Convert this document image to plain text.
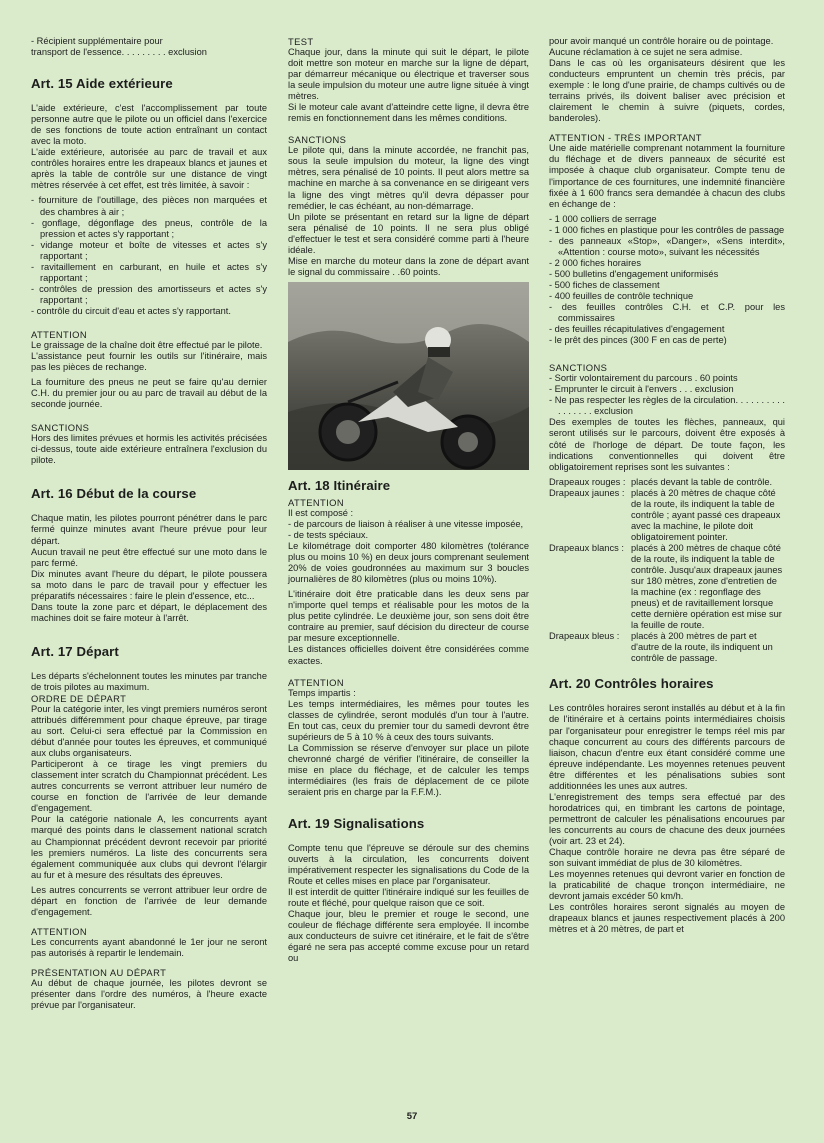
- Récipient supplémentaire pour
transport de l'essence. . . . . . . . . exclusion

Art. 15 Aide extérieure

L'aide extérieure, c'est l'accomplissement par toute personne autre que le pilote ou un officiel dans l'exercice de ses fonctions de toute action entraînant un contact avec la moto.

L'aide extérieure, autorisée au parc de travail et aux contrôles horaires entre les drapeaux blancs et jaunes et après la table de contrôle sur une distance de vingt mètres réservée à cet effet, est très limitée, à savoir :

- fourniture de l'outillage, des pièces non marquées et des chambres à air ;
- gonflage, dégonflage des pneus, contrôle de la pression et actes s'y rapportant ;
- vidange moteur et boîte de vitesses et actes s'y rapportant ;
- ravitaillement en carburant, en huile et actes s'y rapportant ;
- contrôles de pression des amortisseurs et actes s'y rapportant ;
- contrôle du circuit d'eau et actes s'y rapportant.
ATTENTION

Le graissage de la chaîne doit être effectué par le pilote.
L'assistance peut fournir les outils sur l'itinéraire, mais pas les pièces de rechange.

La fourniture des pneus ne peut se faire qu'au dernier C.H. du premier jour ou au parc de travail au début de la seconde journée.

SANCTIONS

Hors des limites prévues et hormis les activités précisées ci-dessus, toute aide extérieure entraînera l'exclusion du pilote.

Art. 16 Début de la course

Chaque matin, les pilotes pourront pénétrer dans le parc fermé quinze minutes avant l'heure prévue pour leur départ.
Aucun travail ne peut être effectué sur une moto dans le parc fermé.
Dix minutes avant l'heure du départ, le pilote poussera sa moto dans le parc de travail pour y effectuer les préparatifs nécessaires : faire le plein d'essence, etc...
Dans toute la zone parc et départ, le déplacement des machines doit se faire moteur à l'arrêt.

Art. 17 Départ

Les départs s'échelonnent toutes les minutes par tranche de trois pilotes au maximum.

ORDRE DE DÉPART

Pour la catégorie inter, les vingt premiers numéros seront attribués différemment pour chaque épreuve, par tirage au sort. Celui-ci sera effectué par la Commission en début d'année pour toutes les épreuves, et communiqué aux clubs organisateurs.
Participeront à ce tirage les vingt premiers du classement inter scratch du Championnat précédent. Les autres concurrents se verront attribuer leur numéro de course en fonction de l'arrivée de leur demande d'engagement.
Pour la catégorie nationale A, les concurrents ayant marqué des points dans le classement national scratch au Championnat précédent devront recevoir par priorité les premiers numéros. La liste des concurrents sera également communiquée aux clubs qui devront l'élargir au fur et à mesure des résultats des épreuves.

Les autres concurrents se verront attribuer leur ordre de départ en fonction de l'arrivée de leur demande d'engagement.

ATTENTION

Les concurrents ayant abandonné le 1er jour ne seront pas autorisés à repartir le lendemain.

PRÉSENTATION AU DÉPART

Au début de chaque journée, les pilotes devront se présenter dans l'ordre des numéros, à l'heure exacte prévue par l'organisateur.

TEST

Chaque jour, dans la minute qui suit le départ, le pilote doit mettre son moteur en marche sur la ligne de départ, par démarreur mécanique ou électrique et traverser sous la seule impulsion du moteur une autre ligne située à vingt mètres.
Si le moteur cale avant d'atteindre cette ligne, il devra être remis en fonctionnement dans les mêmes conditions.

SANCTIONS

Le pilote qui, dans la minute accordée, ne franchit pas, sous la seule impulsion du moteur, la ligne des vingt mètres, sera pénalisé de 10 points. Il peut alors mettre sa machine en marche à sa convenance en se dirigeant vers la ligne des vingt mètres qu'il devra dépasser pour remédier, le cas échéant, au non-démarrage.
Un pilote se présentant en retard sur la ligne de départ sera pénalisé de 10 points. Il ne sera plus obligé d'effectuer le test et sera considéré comme parti à l'heure idéale.
Mise en marche du moteur dans la zone de départ avant le signal du commissaire . .60 points.

Art. 18 Itinéraire
ATTENTION

Il est composé :

- de parcours de liaison à réaliser à une vitesse imposée,
- de tests spéciaux.

Le kilométrage doit comporter 480 kilomètres (tolérance plus ou moins 10 %) en deux jours comprenant seulement 20% de voies goudronnées au maximum sur 3 boucles journalières de 80 kilomètres (plus ou moins 10%).

L'itinéraire doit être praticable dans les deux sens par n'importe quel temps et réalisable pour les motos de la plus petite cylindrée. Le deuxième jour, son sens doit être contraire au premier, sauf décision du directeur de course par mesure exceptionnelle.
Les distances officielles doivent être considérées comme exactes.

ATTENTION

Temps impartis :
Les temps intermédiaires, les mêmes pour toutes les classes de cylindrée, seront modulés d'un tour à l'autre. En tout cas, ceux du premier tour du samedi devront être supérieurs de 5 à 10 % à ceux des tours suivants.
La Commission se réserve d'envoyer sur place un pilote chevronné chargé de vérifier l'itinéraire, de conseiller la mise en place du fléchage, et de calculer les temps intermédiaires (les frais de déplacement de ce pilote seraient pris en charge par la F.F.M.).

Art. 19 Signalisations

Compte tenu que l'épreuve se déroule sur des chemins ouverts à la circulation, les concurrents doivent impérativement respecter les signalisations du Code de la Route et celles mises en place par l'organisateur.
Il est interdit de quitter l'itinéraire indiqué sur les feuilles de route et fléché, pour quelque raison que ce soit.
Chaque jour, bleu le premier et rouge le second, une couleur de fléchage différente sera employée. Il incombe aux conducteurs de suivre cet itinéraire, et le fait de s'être égaré ne sera pas accepté comme excuse pour un retard ou

pour avoir manqué un contrôle horaire ou de pointage.
Aucune réclamation à ce sujet ne sera admise.
Dans le cas où les organisateurs désirent que les conducteurs empruntent un chemin très précis, par exemple : le long d'une prairie, de champs cultivés ou de terrains privés, ils doivent baliser avec précision et clairement le chemin à suivre (piquets, cordes, banderoles).

ATTENTION - TRÈS IMPORTANT

Une aide matérielle comprenant notamment la fourniture du fléchage et de divers panneaux de sécurité est imposée à chaque club organisateur. Compte tenu de l'importance de ces fournitures, une indemnité financière fixée à 1 600 francs sera demandée à chacun des clubs en échange de :

- 1 000 colliers de serrage
- 1 000 fiches en plastique pour les contrôles de passage
- des panneaux «Stop», «Danger», «Sens interdit», «Attention : course moto», suivant les nécessités
- 2 000 fiches horaires
- 500 bulletins d'engagement uniformisés
- 500 fiches de classement
- 400 feuilles de contrôle technique
- des feuilles contrôles C.H. et C.P. pour les commissaires
- des feuilles récapitulatives d'engagement
- le prêt des pinces (300 F en cas de perte)
SANCTIONS
- Sortir volontairement du parcours . 60 points
- Emprunter le circuit à l'envers . . . exclusion
- Ne pas respecter les règles de la circulation. . . . . . . . . . . . . . . . . exclusion

Des exemples de toutes les flèches, panneaux, qui seront utilisés sur le parcours, doivent être exposés à côté de l'horloge de départ. De toute façon, les indications conventionnelles qui doivent être obligatoirement reprises sont les suivantes :

Drapeaux rouges :	placés devant la table de contrôle.
Drapeaux jaunes :	placés à 20 mètres de chaque côté de la route, ils indiquent la table de contrôle ; ayant passé ces drapeaux avec la machine, le pilote doit obligatoirement pointer.
Drapeaux blancs :	placés à 200 mètres de chaque côté de la route, ils indiquent la table de contrôle. Jusqu'aux drapeaux jaunes sur 180 mètres, zone d'entretien de la machine (ex : regonflage des pneus) et de ravitaillement lorsque cette dernière opération est mise sur la feuille de route.
Drapeaux bleus :	placés à 200 mètres de part et d'autre de la route, ils indiquent un contrôle de passage.
Art. 20 Contrôles horaires

Les contrôles horaires seront installés au début et à la fin de l'itinéraire et à certains points intermédiaires choisis par l'organisateur pour enregistrer le temps réel mis par chaque concurrent au cours des différents parcours de liaison, chacun d'entre eux étant considéré comme une épreuve indépendante. Les moyennes retenues peuvent être différentes et les pénalisations subies sont additionnées les unes aux autres.
L'enregistrement des temps sera effectué par des horodatrices qui, en timbrant les cartons de pointage, permettront de calculer les pénalisations encourues par les concurrents au cours de chacune des deux journées (voir art. 23 et 24).
Chaque contrôle horaire ne devra pas être séparé de son suivant immédiat de plus de 30 kilomètres.
Les moyennes retenues qui devront varier en fonction de la praticabilité de chaque tronçon intermédiaire, ne devront jamais excéder 50 km/h.
Les contrôles horaires seront signalés au moyen de drapeaux blancs et jaunes respectivement placés à 200 mètres et à 20 mètres, de part et

57
